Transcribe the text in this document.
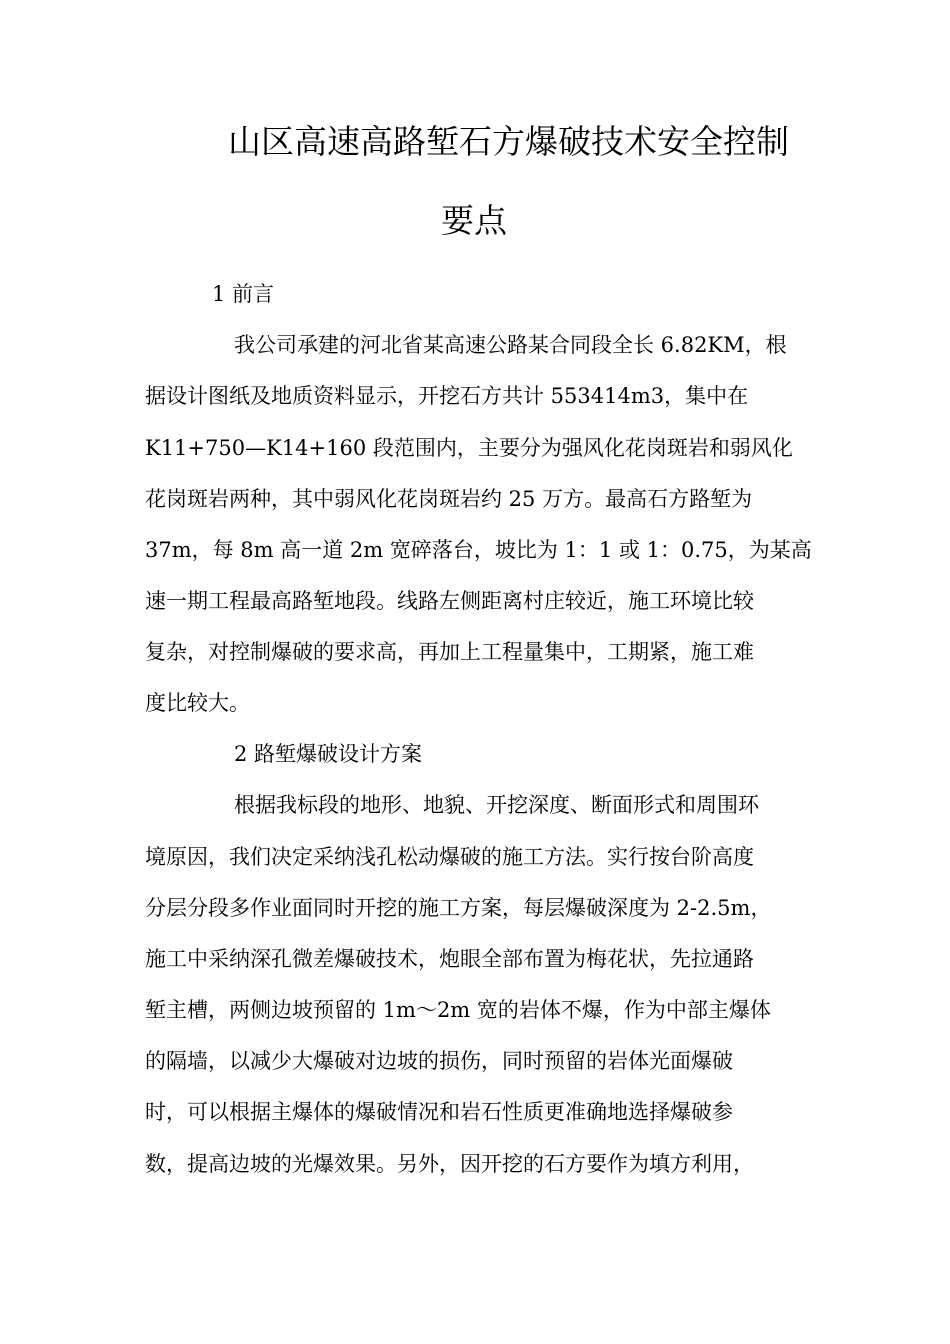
山区高速高路堑石方爆破技术安全控制
要点
1 前言
我公司承建的河北省某高速公路某合同段全长 6.82KM，根
据设计图纸及地质资料显示，开挖石方共计 553414m3，集中在
K11+750—K14+160 段范围内，主要分为强风化花岗斑岩和弱风化
花岗斑岩两种，其中弱风化花岗斑岩约 25 万方。最高石方路堑为
37m，每 8m 高一道 2m 宽碎落台，坡比为 1：1 或 1：0.75，为某高
速一期工程最高路堑地段。线路左侧距离村庄较近，施工环境比较
复杂，对控制爆破的要求高，再加上工程量集中，工期紧，施工难
度比较大。
2 路堑爆破设计方案
根据我标段的地形、地貌、开挖深度、断面形式和周围环
境原因，我们决定采纳浅孔松动爆破的施工方法。实行按台阶高度
分层分段多作业面同时开挖的施工方案，每层爆破深度为 2-2.5m，
施工中采纳深孔微差爆破技术，炮眼全部布置为梅花状，先拉通路
堑主槽，两侧边坡预留的 1m～2m 宽的岩体不爆，作为中部主爆体
的隔墙，以减少大爆破对边坡的损伤，同时预留的岩体光面爆破
时，可以根据主爆体的爆破情况和岩石性质更准确地选择爆破参
数，提高边坡的光爆效果。另外，因开挖的石方要作为填方利用，
